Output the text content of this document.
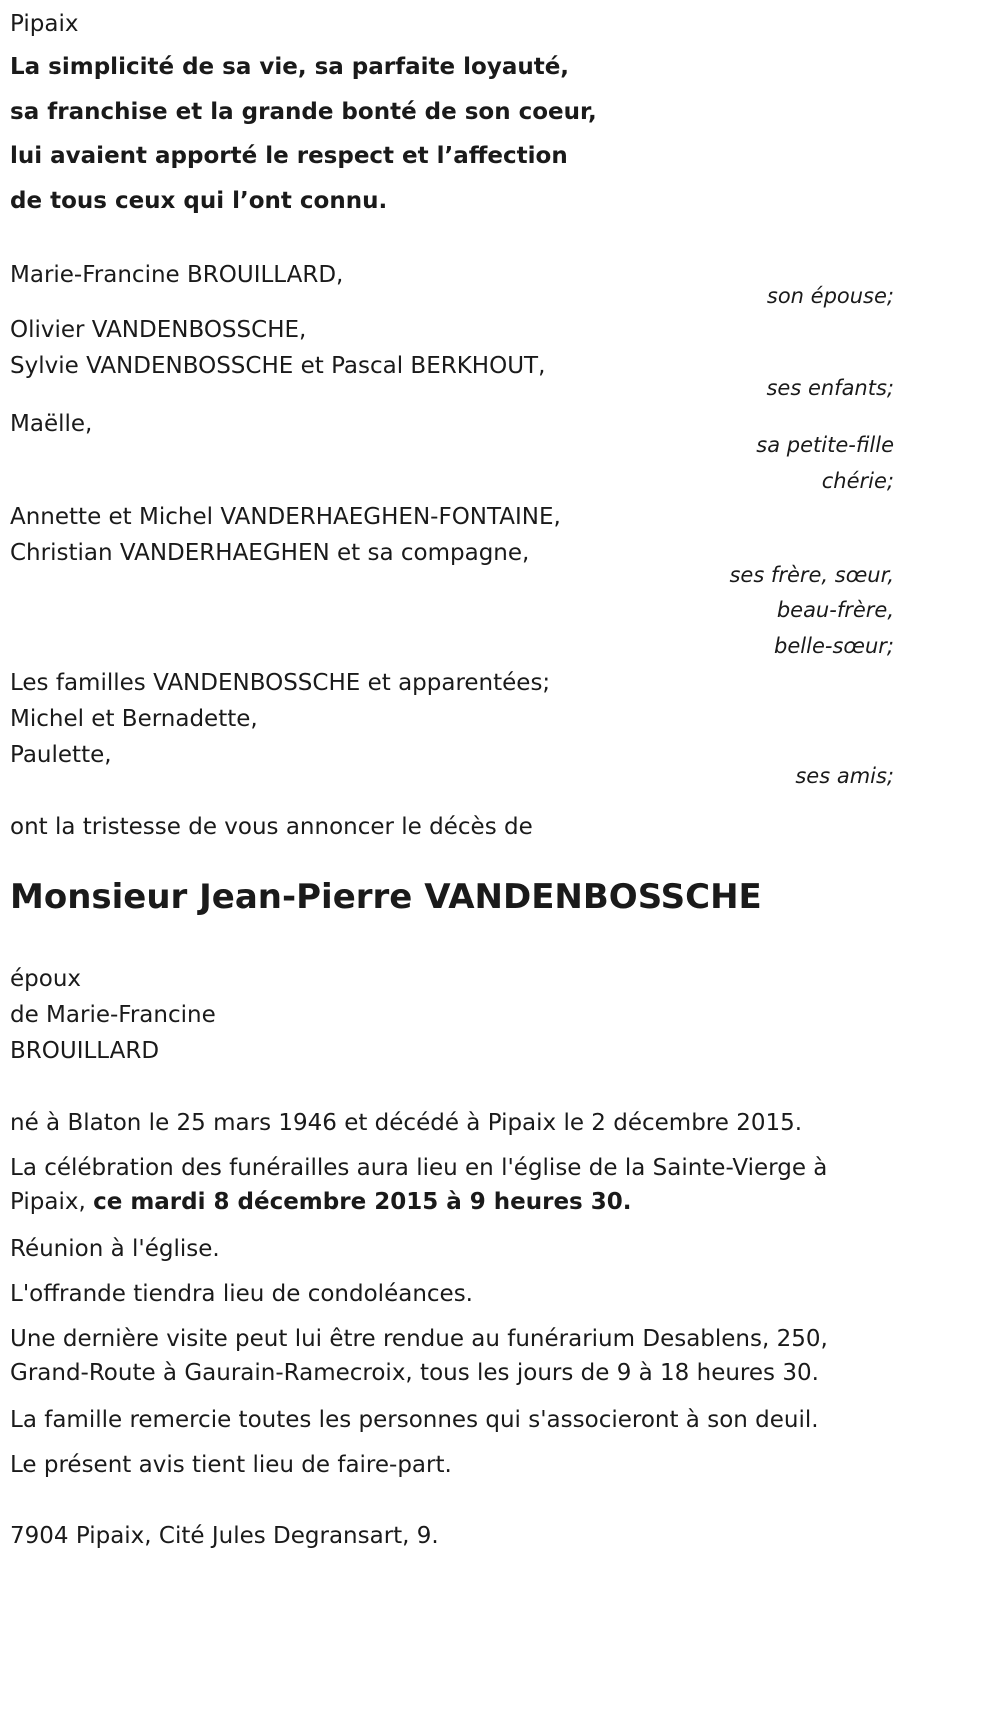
Pipaix
La simplicité de sa vie, sa parfaite loyauté,
sa franchise et la grande bonté de son coeur,
lui avaient apporté le respect et l’affection
de tous ceux qui l’ont connu.
Marie-Francine BROUILLARD,
son épouse;
Olivier VANDENBOSSCHE,
Sylvie VANDENBOSSCHE et Pascal BERKHOUT,
ses enfants;
Maëlle,
sa petite-fille
chérie;
Annette et Michel VANDERHAEGHEN-FONTAINE,
Christian VANDERHAEGHEN et sa compagne,
ses frère, sœur,
beau-frère,
belle-sœur;
Les familles VANDENBOSSCHE et apparentées;
Michel et Bernadette,
Paulette,
ses amis;
ont la tristesse de vous annoncer le décès de
Monsieur Jean-Pierre VANDENBOSSCHE
époux
de Marie-Francine
BROUILLARD
né à Blaton le 25 mars 1946 et décédé à Pipaix le 2 décembre 2015.
La célébration des funérailles aura lieu en l'église de la Sainte-Vierge à Pipaix, ce mardi 8 décembre 2015 à 9 heures 30.
Réunion à l'église.
L'offrande tiendra lieu de condoléances.
Une dernière visite peut lui être rendue au funérarium Desablens, 250, Grand-Route à Gaurain-Ramecroix, tous les jours de 9 à 18 heures 30.
La famille remercie toutes les personnes qui s'associeront à son deuil.
Le présent avis tient lieu de faire-part.
7904 Pipaix, Cité Jules Degransart, 9.
